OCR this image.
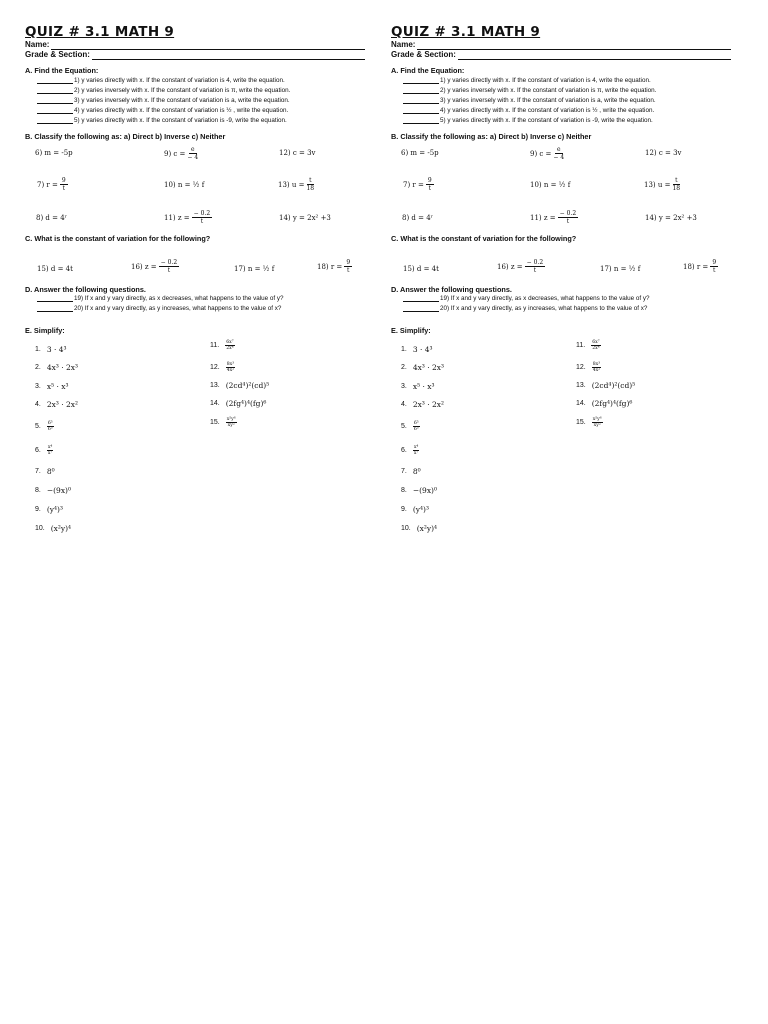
QUIZ # 3.1 MATH 9
Name:
Grade & Section:
A. Find the Equation:
1) y varies directly with x. If the constant of variation is 4, write the equation.
2) y varies inversely with x. If the constant of variation is π, write the equation.
3) y varies inversely with x. If the constant of variation is a, write the equation.
4) y varies directly with x. If the constant of variation is ½ , write the equation.
5) y varies directly with x. If the constant of variation is -9, write the equation.
B. Classify the following as: a) Direct b) Inverse c) Neither
6) m = -5p	9) $c = \frac{e}{- 4}$	12) c = 3v
7) $r = \frac{9}{t}$	10) n = ½ f	13) $u = \frac{t}{18}$
8) d = 4ʳ	11) $z = \frac{- 0.2}{t}$	14) y = 2x² +3
C. What is the constant of variation for the following?
15) d = 4t	16) $z = \frac{- 0.2}{t}$	17) n = ½ f	18) $r = \frac{9}{t}$
D. Answer the following questions.
19) If x and y vary directly, as x decreases, what happens to the value of y?
20) If x and y vary directly, as y increases, what happens to the value of x?
E. Simplify:
1. 3 · 4³
2. 4x³ · 2x³
3. x⁵ · x³
4. 2x³ · 2x²
5. 6⁵
6³
6. x⁴
x⁷
7. 8⁰
8. −(9x)⁰
9. (y⁴)³
10. (x²y)⁴
11. 6x⁷
2x⁴
12. 8x³
4x²
13. (2cd⁴)²(cd)⁵
14. (2fg⁴)⁴(fg)⁶
15. x⁵y⁶
xy²
QUIZ # 3.1 MATH 9
Name:
Grade & Section:
A. Find the Equation:
1) y varies directly with x. If the constant of variation is 4, write the equation.
2) y varies inversely with x. If the constant of variation is π, write the equation.
3) y varies inversely with x. If the constant of variation is a, write the equation.
4) y varies directly with x. If the constant of variation is ½ , write the equation.
5) y varies directly with x. If the constant of variation is -9, write the equation.
B. Classify the following as: a) Direct b) Inverse c) Neither
6) m = -5p	9) $c = \frac{e}{- 4}$	12) c = 3v
7) $r = \frac{9}{t}$	10) n = ½ f	13) $u = \frac{t}{18}$
8) d = 4ʳ	11) $z = \frac{- 0.2}{t}$	14) y = 2x² +3
C. What is the constant of variation for the following?
15) d = 4t	16) $z = \frac{- 0.2}{t}$	17) n = ½ f	18) $r = \frac{9}{t}$
D. Answer the following questions.
19) If x and y vary directly, as x decreases, what happens to the value of y?
20) If x and y vary directly, as y increases, what happens to the value of x?
E. Simplify:
1. 3 · 4³
2. 4x³ · 2x³
3. x⁵ · x³
4. 2x³ · 2x²
5. 6⁵
6³
6. x⁴
x⁷
7. 8⁰
8. −(9x)⁰
9. (y⁴)³
10. (x²y)⁴
11. 6x⁷
2x⁴
12. 8x³
4x²
13. (2cd⁴)²(cd)⁵
14. (2fg⁴)⁴(fg)⁶
15. x⁵y⁶
xy²
